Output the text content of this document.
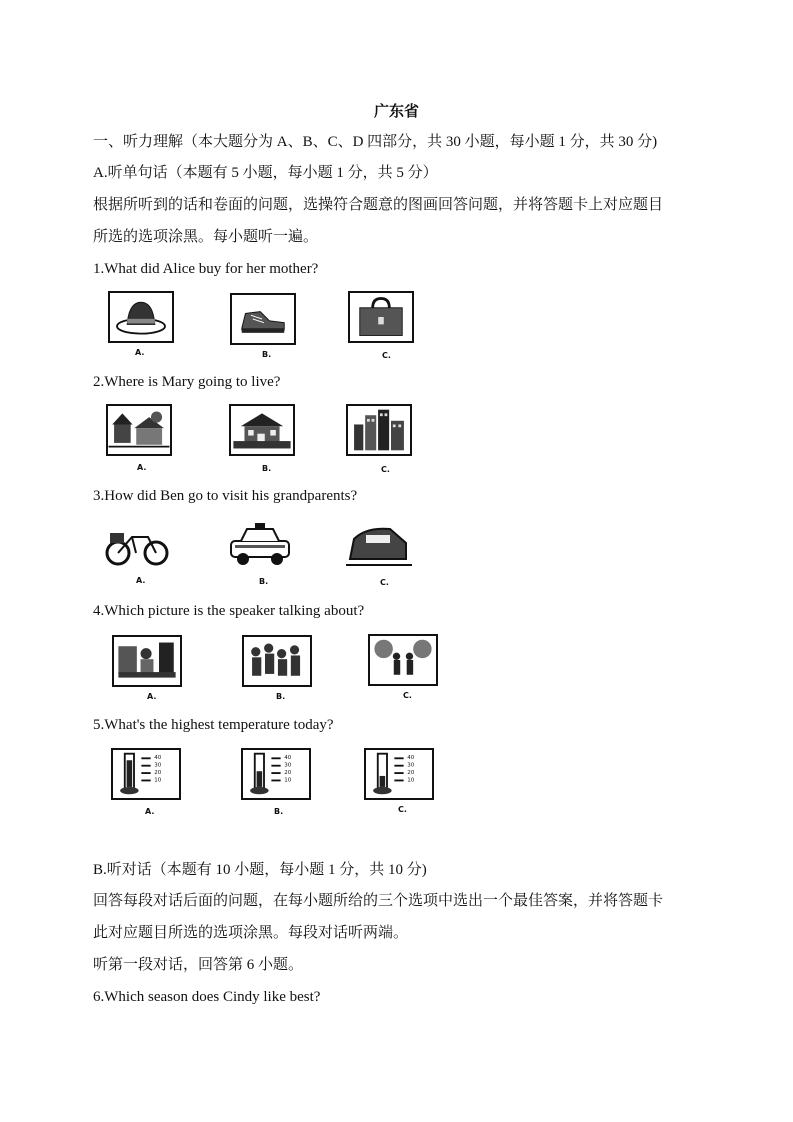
广东省
一、听力理解（本大题分为 A、B、C、D 四部分，共 30 小题，每小题 1 分，共 30 分)
A.听单句话（本题有 5 小题，每小题 1 分，共 5 分）
根据所听到的话和卷面的问题，选操符合题意的图画回答问题，并将答题卡上对应题目
所选的选项涂黑。每小题听一遍。
1.What did Alice buy for her mother?
A.	B.	C.
2.Where is Mary going to live?
A.	B.	C.
3.How did Ben go to visit his grandparents?
A.	B.	C.
4.Which picture is the speaker talking about?
A.	B.	C.
5.What's the highest temperature today?
40
30
20
10
A.
40
30
20
10
B.
40
30
20
10
C.
B.听对话（本题有 10 小题，每小题 1 分，共 10 分)
回答每段对话后面的问题，在每小题所给的三个选项中选出一个最佳答案，并将答题卡
此对应题目所选的选项涂黑。每段对话听两端。
听第一段对话，回答第 6 小题。
6.Which season does Cindy like best?
